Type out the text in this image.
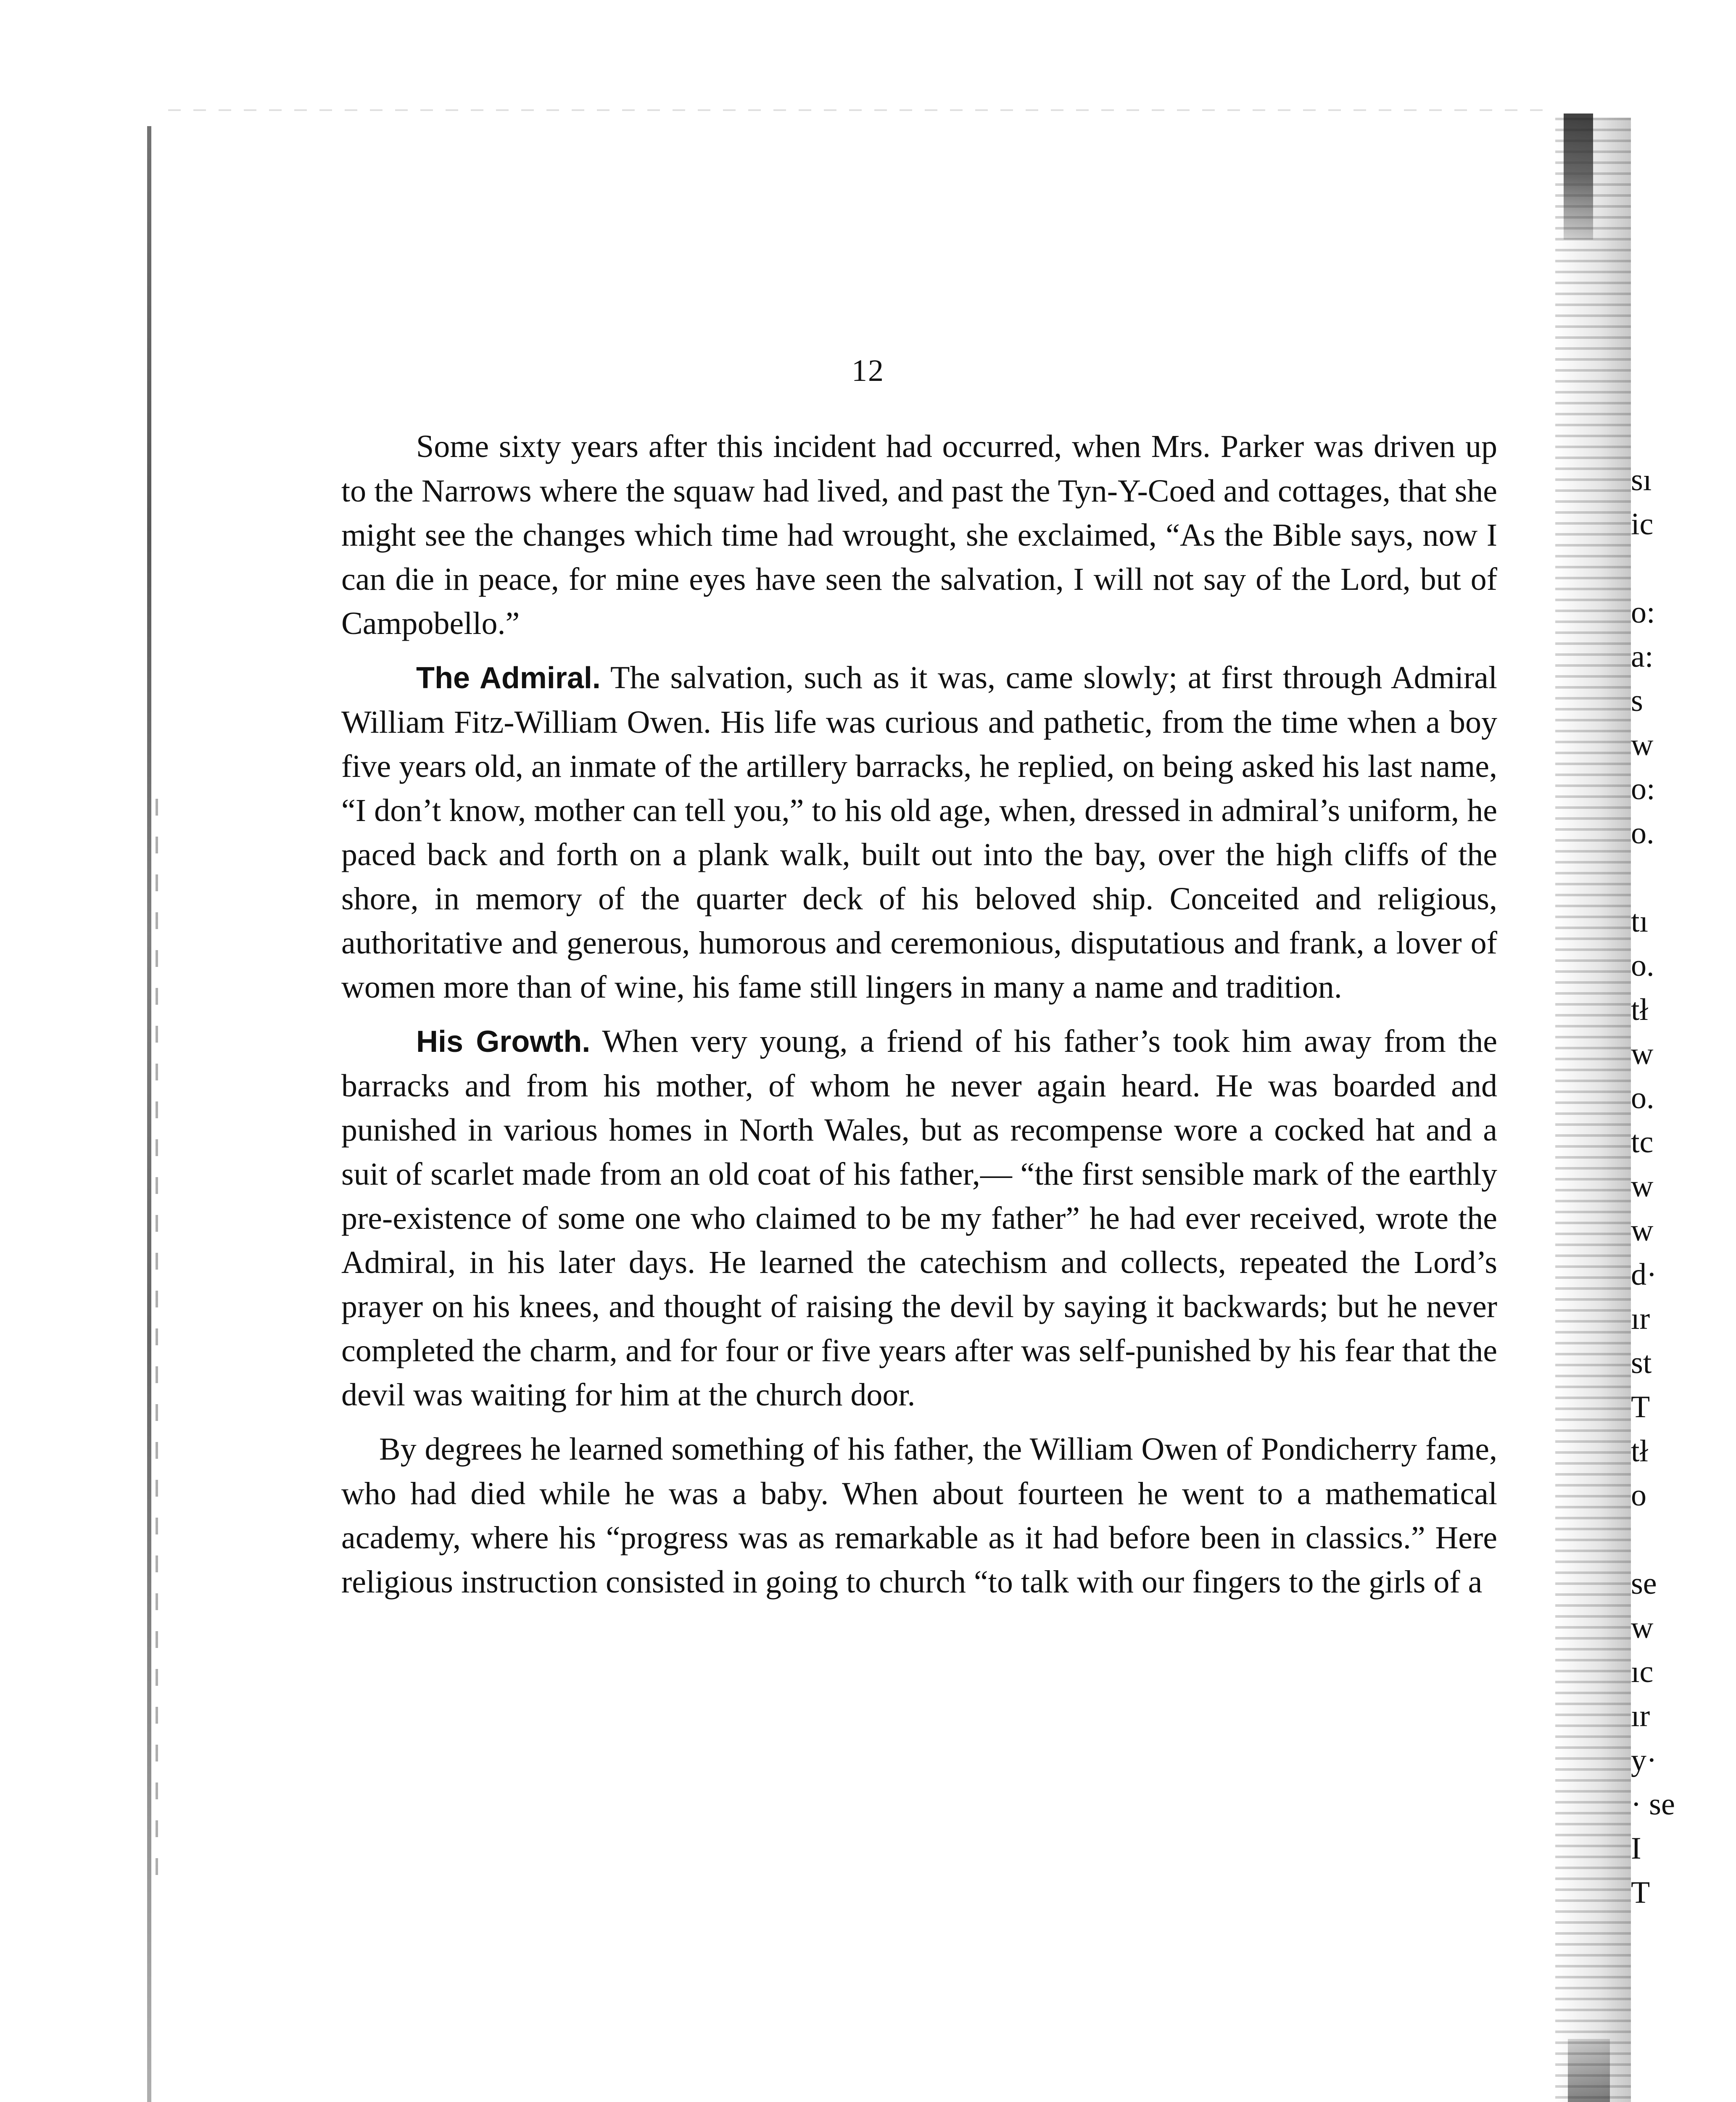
12

Some sixty years after this incident had occurred, when Mrs. Parker was driven up to the Narrows where the squaw had lived, and past the Tyn-Y-Coed and cottages, that she might see the changes which time had wrought, she exclaimed, “As the Bible says, now I can die in peace, for mine eyes have seen the salvation, I will not say of the Lord, but of Campobello.”

The Admiral. The salvation, such as it was, came slowly; at first through Admiral William Fitz-William Owen. His life was curious and pathetic, from the time when a boy five years old, an inmate of the artillery barracks, he replied, on being asked his last name, “I don’t know, mother can tell you,” to his old age, when, dressed in admiral’s uniform, he paced back and forth on a plank walk, built out into the bay, over the high cliffs of the shore, in memory of the quarter deck of his beloved ship. Conceited and religious, authoritative and generous, humorous and ceremonious, disputatious and frank, a lover of women more than of wine, his fame still lingers in many a name and tradition.

His Growth. When very young, a friend of his father’s took him away from the barracks and from his mother, of whom he never again heard. He was boarded and punished in various homes in North Wales, but as recompense wore a cocked hat and a suit of scarlet made from an old coat of his father,— “the first sensible mark of the earthly pre-existence of some one who claimed to be my father” he had ever received, wrote the Admiral, in his later days. He learned the catechism and collects, repeated the Lord’s prayer on his knees, and thought of raising the devil by saying it backwards; but he never completed the charm, and for four or five years after was self-punished by his fear that the devil was waiting for him at the church door.

By degrees he learned something of his father, the William Owen of Pondicherry fame, who had died while he was a baby. When about fourteen he went to a mathematical academy, where his “progress was as remarkable as it had before been in classics.” Here religious instruction consisted in going to church “to talk with our fingers to the girls of a

sı
ic
o:
a:
s
w
o:
o.
tı
o.
tł
w
o.
tc
w
w
d·
ır
st
T
tł
o
se
w
ıc
ır
y·
· se
I
T
